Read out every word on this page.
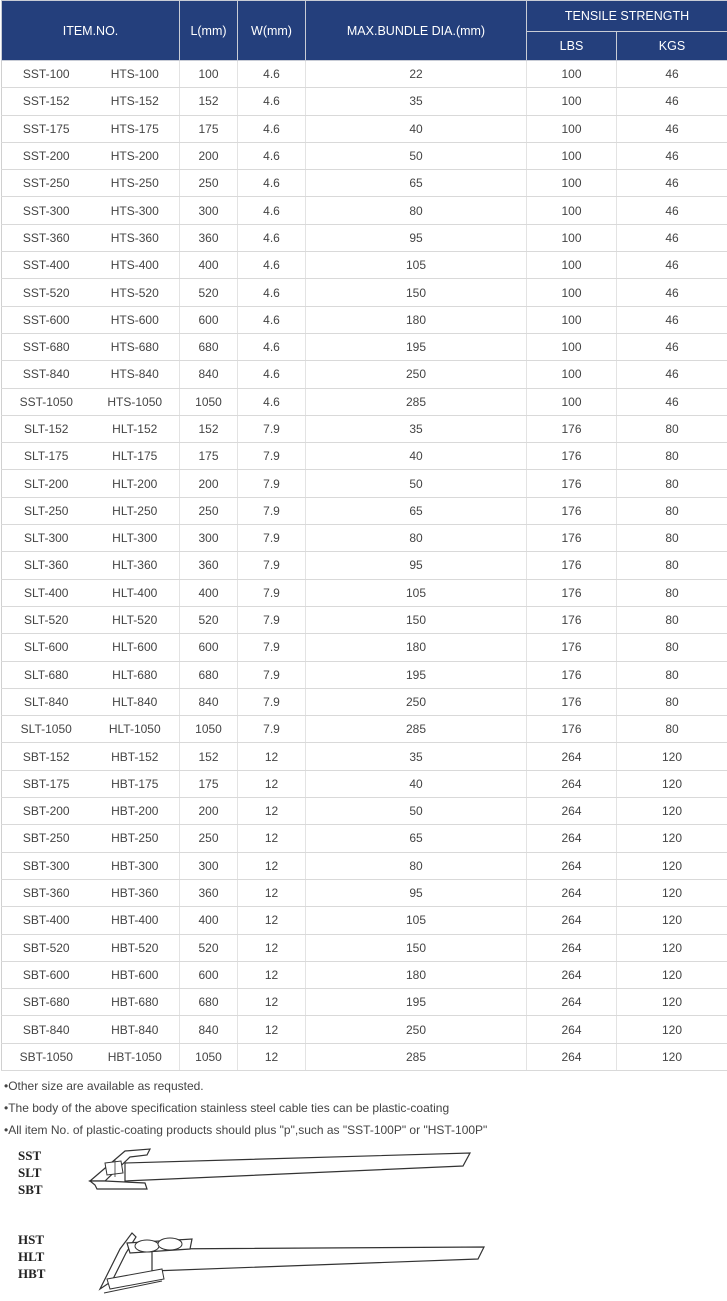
ITEM.NO.		L(mm)	W(mm)	MAX.BUNDLE DIA.(mm)	TENSILE STRENGTH	
					LBS	KGS
SST-100	HTS-100	100	4.6	22	100	46
SST-152	HTS-152	152	4.6	35	100	46
SST-175	HTS-175	175	4.6	40	100	46
SST-200	HTS-200	200	4.6	50	100	46
SST-250	HTS-250	250	4.6	65	100	46
SST-300	HTS-300	300	4.6	80	100	46
SST-360	HTS-360	360	4.6	95	100	46
SST-400	HTS-400	400	4.6	105	100	46
SST-520	HTS-520	520	4.6	150	100	46
SST-600	HTS-600	600	4.6	180	100	46
SST-680	HTS-680	680	4.6	195	100	46
SST-840	HTS-840	840	4.6	250	100	46
SST-1050	HTS-1050	1050	4.6	285	100	46
SLT-152	HLT-152	152	7.9	35	176	80
SLT-175	HLT-175	175	7.9	40	176	80
SLT-200	HLT-200	200	7.9	50	176	80
SLT-250	HLT-250	250	7.9	65	176	80
SLT-300	HLT-300	300	7.9	80	176	80
SLT-360	HLT-360	360	7.9	95	176	80
SLT-400	HLT-400	400	7.9	105	176	80
SLT-520	HLT-520	520	7.9	150	176	80
SLT-600	HLT-600	600	7.9	180	176	80
SLT-680	HLT-680	680	7.9	195	176	80
SLT-840	HLT-840	840	7.9	250	176	80
SLT-1050	HLT-1050	1050	7.9	285	176	80
SBT-152	HBT-152	152	12	35	264	120
SBT-175	HBT-175	175	12	40	264	120
SBT-200	HBT-200	200	12	50	264	120
SBT-250	HBT-250	250	12	65	264	120
SBT-300	HBT-300	300	12	80	264	120
SBT-360	HBT-360	360	12	95	264	120
SBT-400	HBT-400	400	12	105	264	120
SBT-520	HBT-520	520	12	150	264	120
SBT-600	HBT-600	600	12	180	264	120
SBT-680	HBT-680	680	12	195	264	120
SBT-840	HBT-840	840	12	250	264	120
SBT-1050	HBT-1050	1050	12	285	264	120
•Other size are available as requsted.
•The body of the above specification stainless steel cable ties can be plastic-coating
•All item No. of plastic-coating products should plus "p",such as "SST-100P" or "HST-100P"
SST
SLT
SBT
HST
HLT
HBT
